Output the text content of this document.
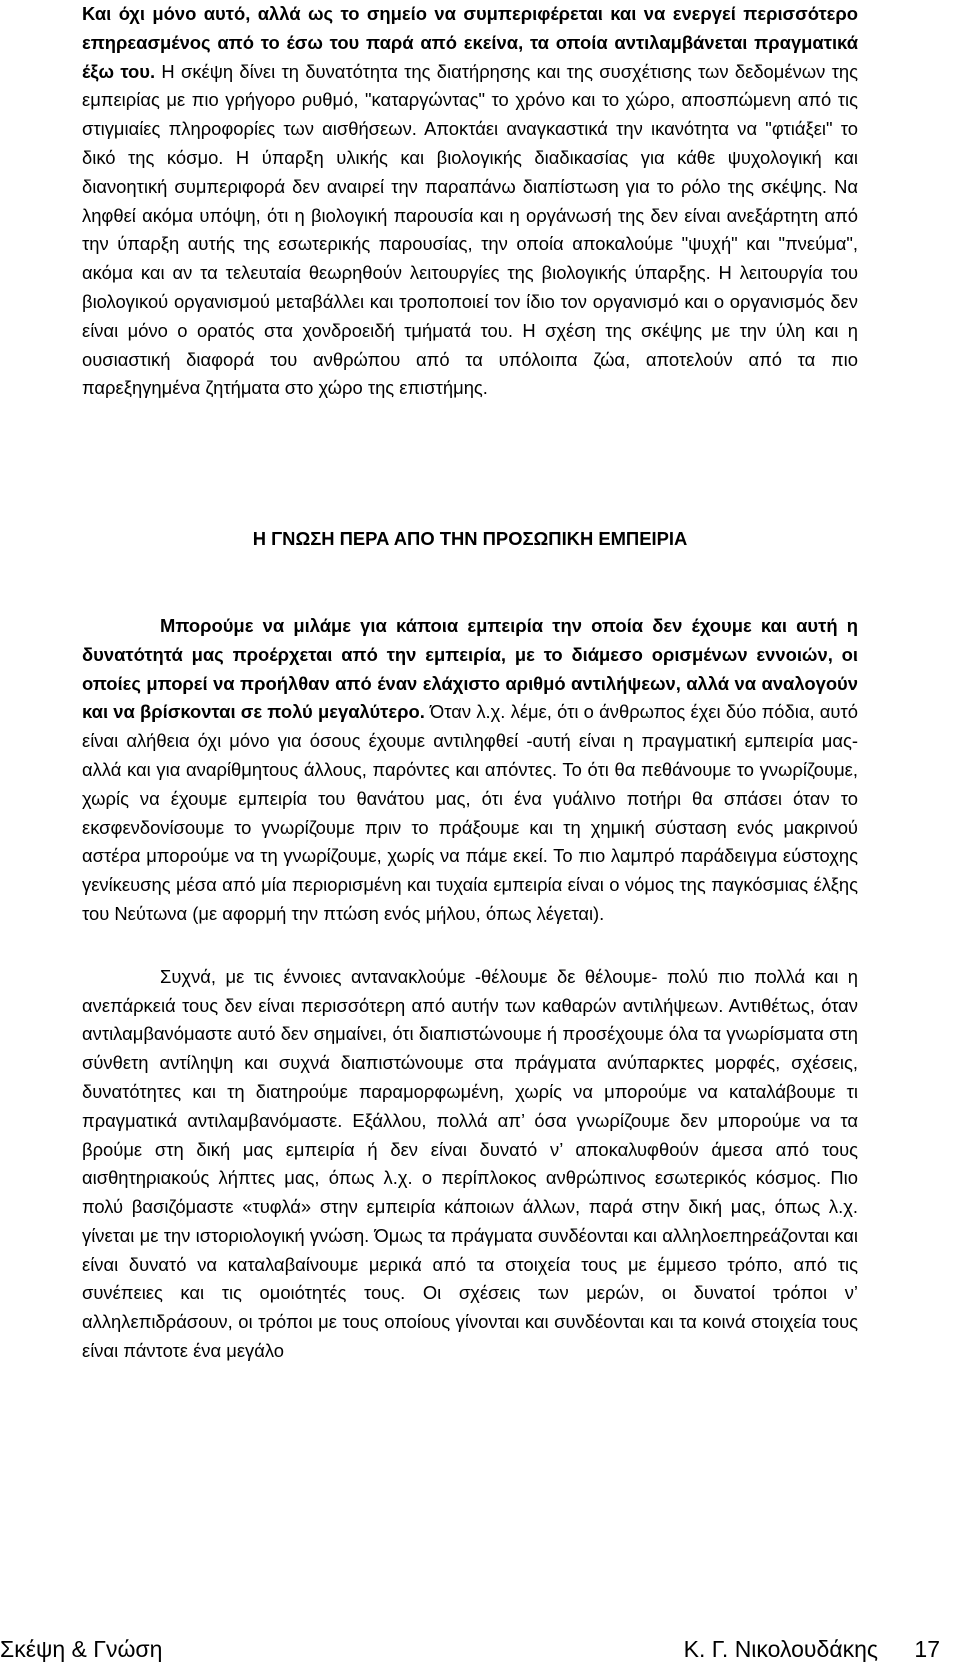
Και όχι μόνο αυτό, αλλά ως το σημείο να συμπεριφέρεται και να ενεργεί περισσότερο επηρεασμένος από το έσω του παρά από εκείνα, τα οποία αντιλαμβάνεται πραγματικά έξω του. Η σκέψη δίνει τη δυνατότητα της διατήρησης και της συσχέτισης των δεδομένων της εμπειρίας με πιο γρήγορο ρυθμό, "καταργώντας" το χρόνο και το χώρο, αποσπώμενη από τις στιγμιαίες πληροφορίες των αισθήσεων. Αποκτάει αναγκαστικά την ικανότητα να "φτιάξει" το δικό της κόσμο. Η ύπαρξη υλικής και βιολογικής διαδικασίας για κάθε ψυχολογική και διανοητική συμπεριφορά δεν αναιρεί την παραπάνω διαπίστωση για το ρόλο της σκέψης. Να ληφθεί ακόμα υπόψη, ότι η βιολογική παρουσία και η οργάνωσή της δεν είναι ανεξάρτητη από την ύπαρξη αυτής της εσωτερικής παρουσίας, την οποία αποκαλούμε "ψυχή" και "πνεύμα", ακόμα και αν τα τελευταία θεωρηθούν λειτουργίες της βιολογικής ύπαρξης. Η λειτουργία του βιολογικού οργανισμού μεταβάλλει και τροποποιεί τον ίδιο τον οργανισμό και ο οργανισμός δεν είναι μόνο ο ορατός στα χονδροειδή τμήματά του. Η σχέση της σκέψης με την ύλη και η ουσιαστική διαφορά του ανθρώπου από τα υπόλοιπα ζώα, αποτελούν από τα πιο παρεξηγημένα ζητήματα στο χώρο της επιστήμης.

Η ΓΝΩΣΗ ΠΕΡΑ ΑΠΟ ΤΗΝ ΠΡΟΣΩΠΙΚΗ ΕΜΠΕΙΡΙΑ

Μπορούμε να μιλάμε για κάποια εμπειρία την οποία δεν έχουμε και αυτή η δυνατότητά μας προέρχεται από την εμπειρία, με το διάμεσο ορισμένων εννοιών, οι οποίες μπορεί να προήλθαν από έναν ελάχιστο αριθμό αντιλήψεων, αλλά να αναλογούν και να βρίσκονται σε πολύ μεγαλύτερο. Όταν λ.χ. λέμε, ότι ο άνθρωπος έχει δύο πόδια, αυτό είναι αλήθεια όχι μόνο για όσους έχουμε αντιληφθεί -αυτή είναι η πραγματική εμπειρία μας- αλλά και για αναρίθμητους άλλους, παρόντες και απόντες. Το ότι θα πεθάνουμε το γνωρίζουμε, χωρίς να έχουμε εμπειρία του θανάτου μας, ότι ένα γυάλινο ποτήρι θα σπάσει όταν το εκσφενδονίσουμε το γνωρίζουμε πριν το πράξουμε και τη χημική σύσταση ενός μακρινού αστέρα μπορούμε να τη γνωρίζουμε, χωρίς να πάμε εκεί. Το πιο λαμπρό παράδειγμα εύστοχης γενίκευσης μέσα από μία περιορισμένη και τυχαία εμπειρία είναι ο νόμος της παγκόσμιας έλξης του Νεύτωνα (με αφορμή την πτώση ενός μήλου, όπως λέγεται).

Συχνά, με τις έννοιες αντανακλούμε -θέλουμε δε θέλουμε- πολύ πιο πολλά και η ανεπάρκειά τους δεν είναι περισσότερη από αυτήν των καθαρών αντιλήψεων. Αντιθέτως, όταν αντιλαμβανόμαστε αυτό δεν σημαίνει, ότι διαπιστώνουμε ή προσέχουμε όλα τα γνωρίσματα στη σύνθετη αντίληψη και συχνά διαπιστώνουμε στα πράγματα ανύπαρκτες μορφές, σχέσεις, δυνατότητες και τη διατηρούμε παραμορφωμένη, χωρίς να μπορούμε να καταλάβουμε τι πραγματικά αντιλαμβανόμαστε. Εξάλλου, πολλά απ’ όσα γνωρίζουμε δεν μπορούμε να τα βρούμε στη δική μας εμπειρία ή δεν είναι δυνατό ν’ αποκαλυφθούν άμεσα από τους αισθητηριακούς λήπτες μας, όπως λ.χ. ο περίπλοκος ανθρώπινος εσωτερικός κόσμος. Πιο πολύ βασιζόμαστε «τυφλά» στην εμπειρία κάποιων άλλων, παρά στην δική μας, όπως λ.χ. γίνεται με την ιστοριολογική γνώση. Όμως τα πράγματα συνδέονται και αλληλοεπηρεάζονται και είναι δυνατό να καταλαβαίνουμε μερικά από τα στοιχεία τους με έμμεσο τρόπο, από τις συνέπειες και τις ομοιότητές τους. Οι σχέσεις των μερών, οι δυνατοί τρόποι ν’ αλληλεπιδράσουν, οι τρόποι με τους οποίους γίνονται και συνδέονται και τα κοινά στοιχεία τους είναι πάντοτε ένα μεγάλο

Σκέψη & Γνώση	Κ. Γ. Νικολουδάκης 17
